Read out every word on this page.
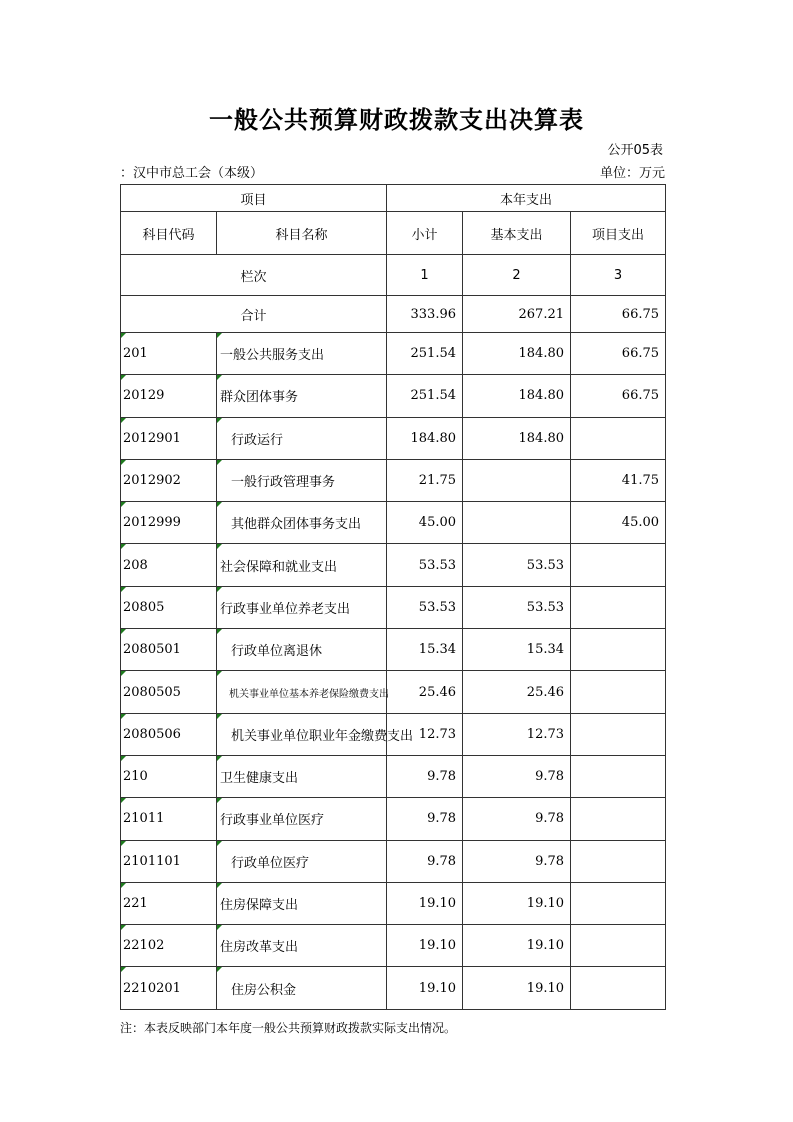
一般公共预算财政拨款支出决算表
公开05表
：汉中市总工会（本级）	单位：万元
项目		本年支出		
科目代码	科目名称	小计	基本支出	项目支出
栏次		1	2	3
合计		333.96	267.21	66.75

201	一般公共服务支出	251.54	184.80	66.75

20129	群众团体事务	251.54	184.80	66.75

2012901	行政运行	184.80	184.80	

2012902	一般行政管理事务	21.75		41.75

2012999	其他群众团体事务支出	45.00		45.00

208	社会保障和就业支出	53.53	53.53	

20805	行政事业单位养老支出	53.53	53.53	

2080501	行政单位离退休	15.34	15.34	

2080505	机关事业单位基本养老保险缴费支出	25.46	25.46	

2080506	机关事业单位职业年金缴费支出	12.73	12.73	

210	卫生健康支出	9.78	9.78	

21011	行政事业单位医疗	9.78	9.78	

2101101	行政单位医疗	9.78	9.78	

221	住房保障支出	19.10	19.10	

22102	住房改革支出	19.10	19.10	

2210201	住房公积金	19.10	19.10	
注：本表反映部门本年度一般公共预算财政拨款实际支出情况。
